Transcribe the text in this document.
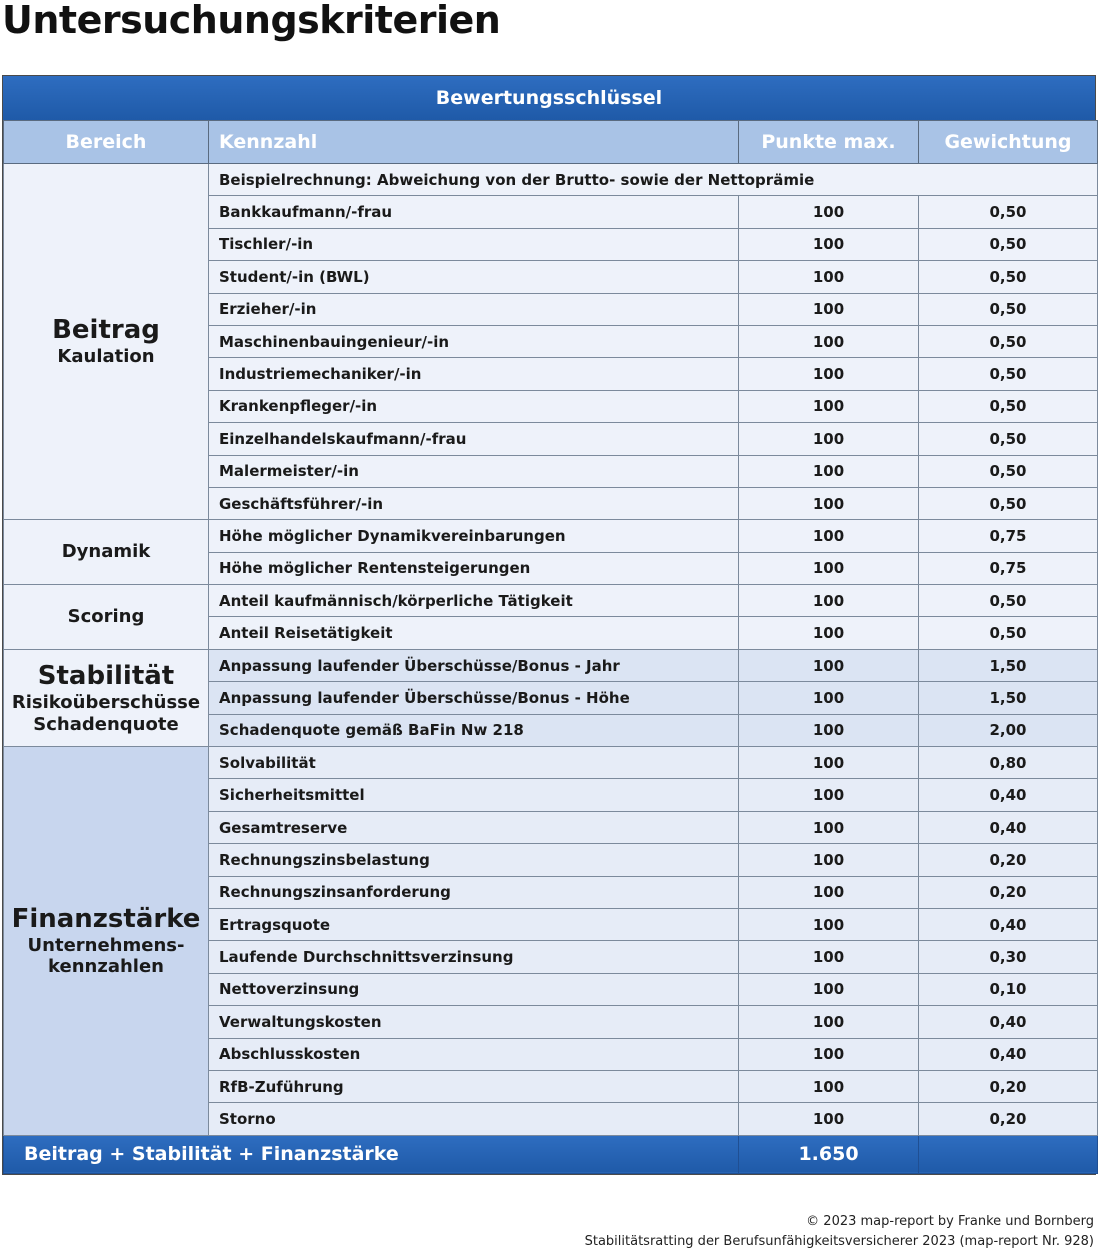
Untersuchungskriterien
Bewertungsschlüssel
Bereich	Kennzahl	Punkte max.	Gewichtung

Beitrag
Kaulation	Beispielrechnung: Abweichung von der Brutto- sowie der Nettoprämie		
	Bankkaufmann/-frau	100	0,50
	Tischler/-in	100	0,50
	Student/-in (BWL)	100	0,50
	Erzieher/-in	100	0,50
	Maschinenbauingenieur/-in	100	0,50
	Industriemechaniker/-in	100	0,50
	Krankenpfleger/-in	100	0,50
	Einzelhandelskaufmann/-frau	100	0,50
	Malermeister/-in	100	0,50
	Geschäftsführer/-in	100	0,50

Dynamik	Höhe möglicher Dynamikvereinbarungen	100	0,75
	Höhe möglicher Rentensteigerungen	100	0,75

Scoring	Anteil kaufmännisch/körperliche Tätigkeit	100	0,50
	Anteil Reisetätigkeit	100	0,50

Stabilität
Risikoüberschüsse
Schadenquote	Anpassung laufender Überschüsse/Bonus - Jahr	100	1,50
	Anpassung laufender Überschüsse/Bonus - Höhe	100	1,50
	Schadenquote gemäß BaFin Nw 218	100	2,00

Finanzstärke
Unternehmens-
kennzahlen	Solvabilität	100	0,80
	Sicherheitsmittel	100	0,40
	Gesamtreserve	100	0,40
	Rechnungszinsbelastung	100	0,20
	Rechnungszinsanforderung	100	0,20
	Ertragsquote	100	0,40
	Laufende Durchschnittsverzinsung	100	0,30
	Nettoverzinsung	100	0,10
	Verwaltungskosten	100	0,40
	Abschlusskosten	100	0,40
	RfB-Zuführung	100	0,20
	Storno	100	0,20
Beitrag + Stabilität + Finanzstärke		1.650	
© 2023 map-report by Franke und Bornberg
Stabilitätsratting der Berufsunfähigkeitsversicherer 2023 (map-report Nr. 928)
